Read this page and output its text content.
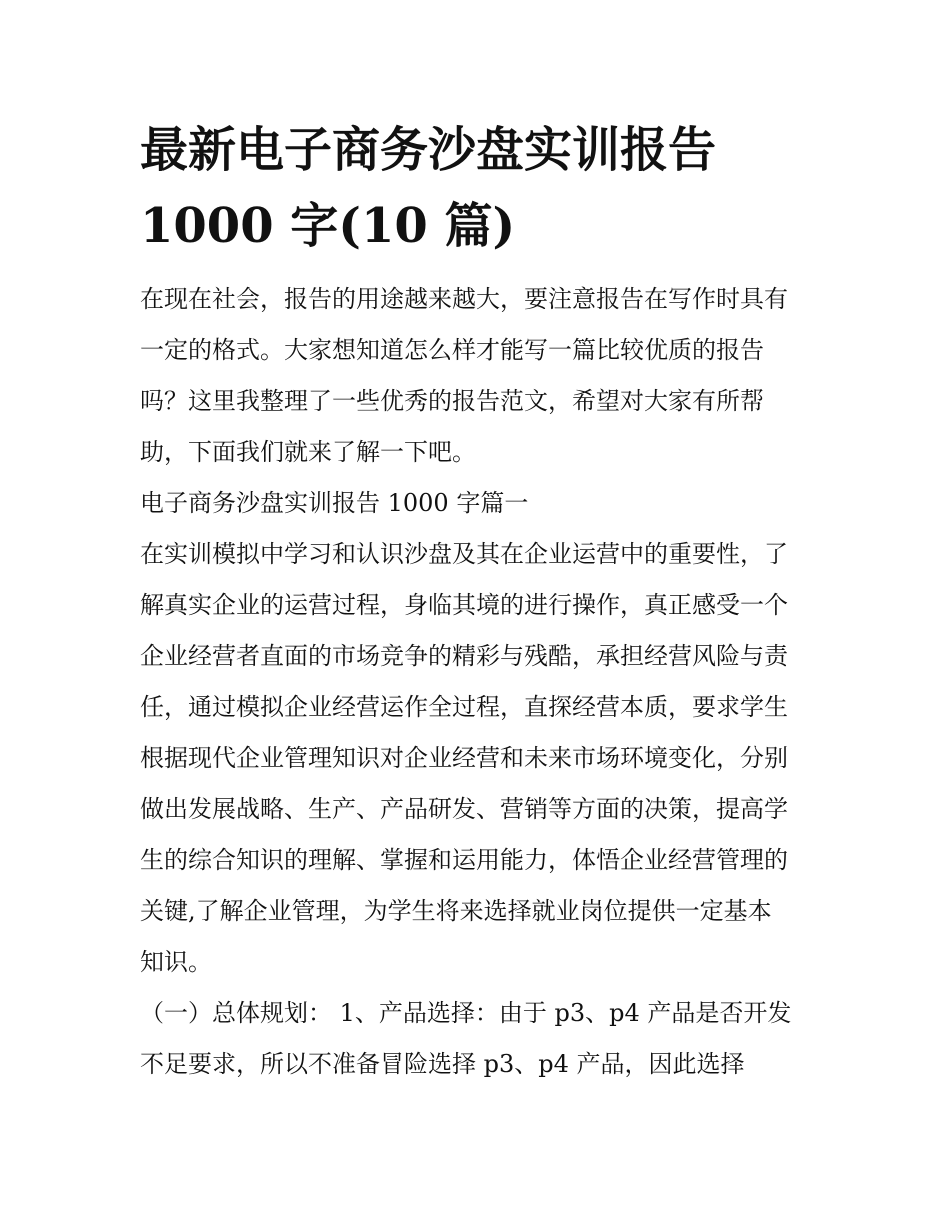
最新电子商务沙盘实训报告
1000 字(10 篇)
在现在社会，报告的用途越来越大，要注意报告在写作时具有
一定的格式。大家想知道怎么样才能写一篇比较优质的报告
吗？这里我整理了一些优秀的报告范文，希望对大家有所帮
助，下面我们就来了解一下吧。
电子商务沙盘实训报告 1000 字篇一
在实训模拟中学习和认识沙盘及其在企业运营中的重要性，了
解真实企业的运营过程，身临其境的进行操作，真正感受一个
企业经营者直面的市场竞争的精彩与残酷，承担经营风险与责
任，通过模拟企业经营运作全过程，直探经营本质，要求学生
根据现代企业管理知识对企业经营和未来市场环境变化，分别
做出发展战略、生产、产品研发、营销等方面的决策，提高学
生的综合知识的理解、掌握和运用能力，体悟企业经营管理的
关键,了解企业管理，为学生将来选择就业岗位提供一定基本
知识。
（一）总体规划： 1、产品选择：由于 p3、p4 产品是否开发
不足要求，所以不准备冒险选择 p3、p4 产品，因此选择
